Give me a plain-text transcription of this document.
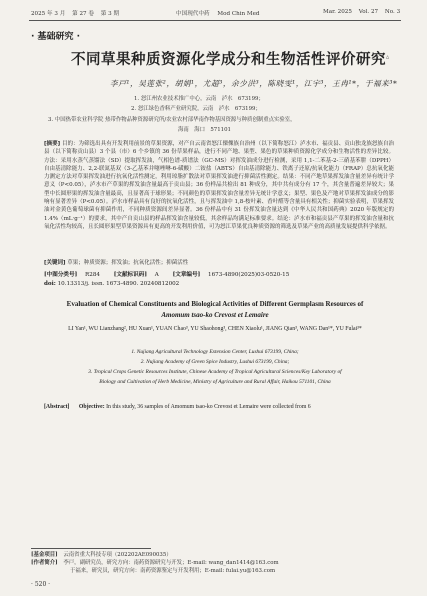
2025 年 3 月 第 27 卷 第 3 期	中国现代中药 Mod Chin Med	Mar. 2025 Vol. 27 No. 3
· 基础研究 ·
不同草果种质资源化学成分和生物活性评价研究△
李戸¹，吴莲张²，胡娟¹，尤超³，余少洪³，陈晓雯¹，江宇³，王冉¹*，于福来³*
1. 怒江州农业技术推广中心，云南　泸水　673199；
2. 怒江绿色香料产业研究院，云南　泸水　673199；
3. 中国热带农业科学院 热带作物品种资源研究所/农业农村部华南作物基因资源与种质创制重点实验室，
海南　海口　571101
[摘要] 目的：为筛选出具有开发利用前景的草果资源，对产自云南省怒江傈僳族自治州（以下简称怒江）泸水市、福贡县、贡山独龙族怒族自治县（以下简称贡山县）3 个县（市）6 个乡镇的 36 份草果样品，进行不同产地、果型、果色的草果种质资源化学成分和生物活性的差异比较。方法：采用水蒸气蒸馏法（SD）提取挥发油，气相色谱-质谱法（GC-MS）对挥发油成分进行检测，采用 1,1-二苯基-2-三硝基苯肼（DPPH）自由基清除能力、2,2-联氮基双（3-乙基苯并噻唑啉-6-磺酸）二铵盐（ABTS）自由基清除能力、铁离子还原/抗氧化能力（FRAP）总抗氧化能力测定方法对草果挥发油进行抗氧化活性测定，利用琼脂扩散法对草果挥发油进行抑菌活性测定。结果：不同产地草果挥发油含量差异有统计学意义（P<0.05），泸水市产草果的挥发油含量最高于贡山县；36 份样品共检出 81 种成分，其中共有成分有 17 个，其含量普遍差异较大；果型中长圆形果的挥发油含量最高，且显著高于球形果；不同颜色的草果挥发油含量差异无统计学意义；果型、果色及产地对草果挥发油成分的影响有显著差异（P<0.05）。泸水市样品具有良好的抗氧化活性，且与挥发油中 1,8-桉叶素、香叶醛等含量具有相关性；抑菌实验表明，草果挥发油对金黄色葡萄球菌有抑菌作用，不同种质资源间差异显著。36 份样品中有 31 份挥发油含量达到《中华人民共和国药典》2020 年版规定的 1.4%（mL·g⁻¹）的要求，其中产自贡山县的样品挥发油含量较低，其余样品均满足标准要求。结论：泸水市和福贡县产草果的挥发油含量和抗氧化活性均较高，且长圆形果型草果资源具有更高的开发利用价值，可为怒江草果优良种质资源的筛选及草果产业的高质量发展提供科学依据。
[关键词] 草果；种质资源；挥发油；抗氧化活性；抑菌活性
[中图分类号] R284 [文献标识码] A [文章编号] 1673-4890(2025)03-0520-15
doi: 10.13313/j. issn. 1673-4890. 20240812002
Evaluation of Chemical Constituents and Biological Activities of Different Germplasm Resources of
Amomum tsao-ko Crevost et Lemaire
LI Yan¹, WU Lianzhang², HU Xuan¹, YUAN Chao³, YU Shaohong³, CHEN Xiaolu¹, JIANG Qian³, WANG Dan¹*, YU Fulai³*
1. Nujiang Agricultural Technology Extension Center, Lushui 673199, China;
2. Nujiang Academy of Green Spice Industry, Lushui 673199, China;
3. Tropical Crops Genetic Resources Institute, Chinese Academy of Tropical Agricultural Sciences/Key Laboratory of
Biology and Cultivation of Herb Medicine, Ministry of Agriculture and Rural Affair, Haikou 571101, China
[Abstract] Objective: In this study, 36 samples of Amomum tsao-ko Crevost et Lemaire were collected from 6
[基金项目] 云南省重大科技专项（202202AE090035）
[作者简介] 李戸，副研究员，研究方向：南药资源研究与开发；E-mail: wang_dan1414@163.com
于福来，研究员，研究方向：南药资源鉴定与开发利用；E-mail: fulai.yu@163.com
· 520 ·
